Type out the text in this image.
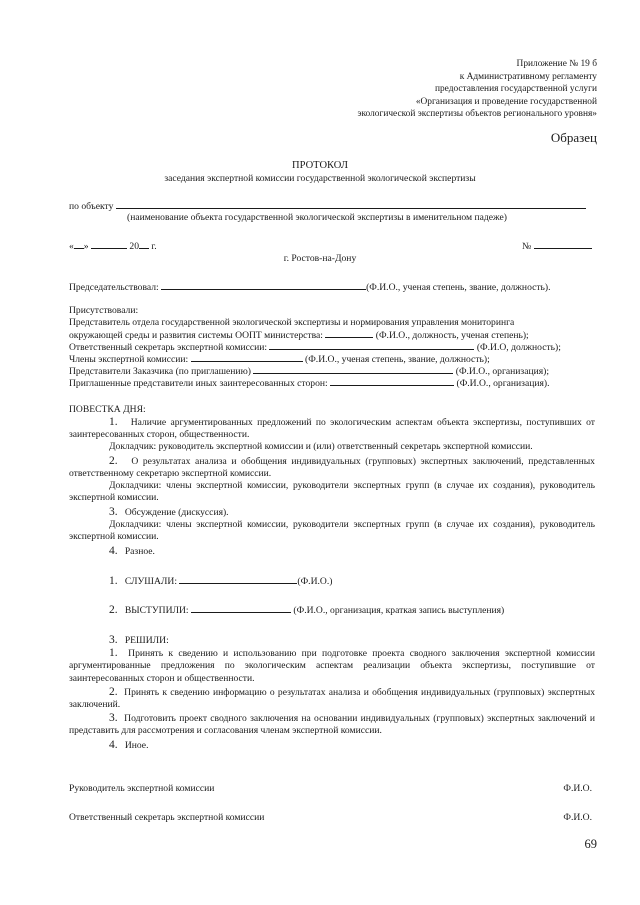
Приложение № 19 б
к Административному регламенту
предоставления государственной услуги
«Организация и проведение государственной
экологической экспертизы объектов регионального уровня»
Образец
ПРОТОКОЛ
заседания экспертной комиссии государственной экологической экспертизы
по объекту
(наименование объекта государственной экологической экспертизы в именительном падеже)
« »	20 г.	№
г. Ростов-на-Дону
Председательствовал:	(Ф.И.О., ученая степень, звание, должность).
Присутствовали:
Представитель отдела государственной экологической экспертизы и нормирования управления мониторинга
окружающей среды и развития системы ООПТ министерства:	(Ф.И.О., должность, ученая степень);
Ответственный секретарь экспертной комиссии:	(Ф.И.О, должность);
Члены экспертной комиссии:	(Ф.И.О., ученая степень, звание, должность);
Представители Заказчика (по приглашению)	(Ф.И.О., организация);
Приглашенные представители иных заинтересованных сторон:	(Ф.И.О., организация).
ПОВЕСТКА ДНЯ:
1. Наличие аргументированных предложений по экологическим аспектам объекта экспертизы, поступивших от заинтересованных сторон, общественности.
Докладчик: руководитель экспертной комиссии и (или) ответственный секретарь экспертной комиссии.
2. О результатах анализа и обобщения индивидуальных (групповых) экспертных заключений, представленных ответственному секретарю экспертной комиссии.
Докладчики: члены экспертной комиссии, руководители экспертных групп (в случае их создания), руководитель экспертной комиссии.
3. Обсуждение (дискуссия).
Докладчики: члены экспертной комиссии, руководители экспертных групп (в случае их создания), руководитель экспертной комиссии.
4. Разное.
1. СЛУШАЛИ:	(Ф.И.О.)
2. ВЫСТУПИЛИ:	(Ф.И.О., организация, краткая запись выступления)
3. РЕШИЛИ:
1. Принять к сведению и использованию при подготовке проекта сводного заключения экспертной комиссии аргументированные предложения по экологическим аспектам реализации объекта экспертизы, поступившие от заинтересованных сторон и общественности.
2. Принять к сведению информацию о результатах анализа и обобщения индивидуальных (групповых) экспертных заключений.
3. Подготовить проект сводного заключения на основании индивидуальных (групповых) экспертных заключений и представить для рассмотрения и согласования членам экспертной комиссии.
4. Иное.
Руководитель экспертной комиссии	Ф.И.О.
Ответственный секретарь экспертной комиссии	Ф.И.О.
69
